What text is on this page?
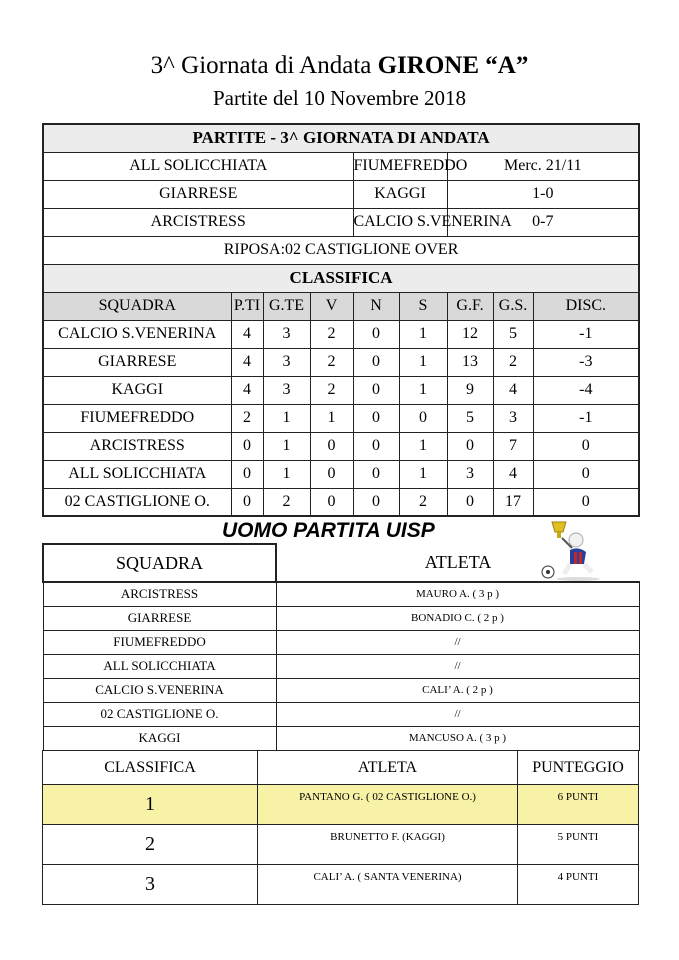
3^ Giornata di Andata GIRONE “A”
Partite del 10 Novembre 2018
PARTITE - 3^ GIORNATA DI ANDATA								
ALL SOLICCHIATA				FIUMEFREDDO		Merc. 21/11		
GIARRESE				KAGGI		1-0		
ARCISTRESS				CALCIO S.VENERINA		0-7		
RIPOSA:02 CASTIGLIONE OVER								
CLASSIFICA								
SQUADRA	P.TI	G.TE	V	N	S	G.F.	G.S.	DISC.
CALCIO S.VENERINA	4	3	2	0	1	12	5	-1
GIARRESE	4	3	2	0	1	13	2	-3
KAGGI	4	3	2	0	1	9	4	-4
FIUMEFREDDO	2	1	1	0	0	5	3	-1
ARCISTRESS	0	1	0	0	1	0	7	0
ALL SOLICCHIATA	0	1	0	0	1	3	4	0
02 CASTIGLIONE O.	0	2	0	0	2	0	17	0
UOMO PARTITA UISP
SQUADRA	ATLETA
ARCISTRESS	MAURO A. ( 3 p )
GIARRESE	BONADIO C. ( 2 p )
FIUMEFREDDO	//
ALL SOLICCHIATA	//
CALCIO S.VENERINA	CALI’ A. ( 2 p )
02 CASTIGLIONE O.	//
KAGGI	MANCUSO A. ( 3 p )
CLASSIFICA	ATLETA	PUNTEGGIO
1	PANTANO G. ( 02 CASTIGLIONE O.)	6 PUNTI
2	BRUNETTO F. (KAGGI)	5 PUNTI
3	CALI’ A. ( SANTA VENERINA)	4 PUNTI
